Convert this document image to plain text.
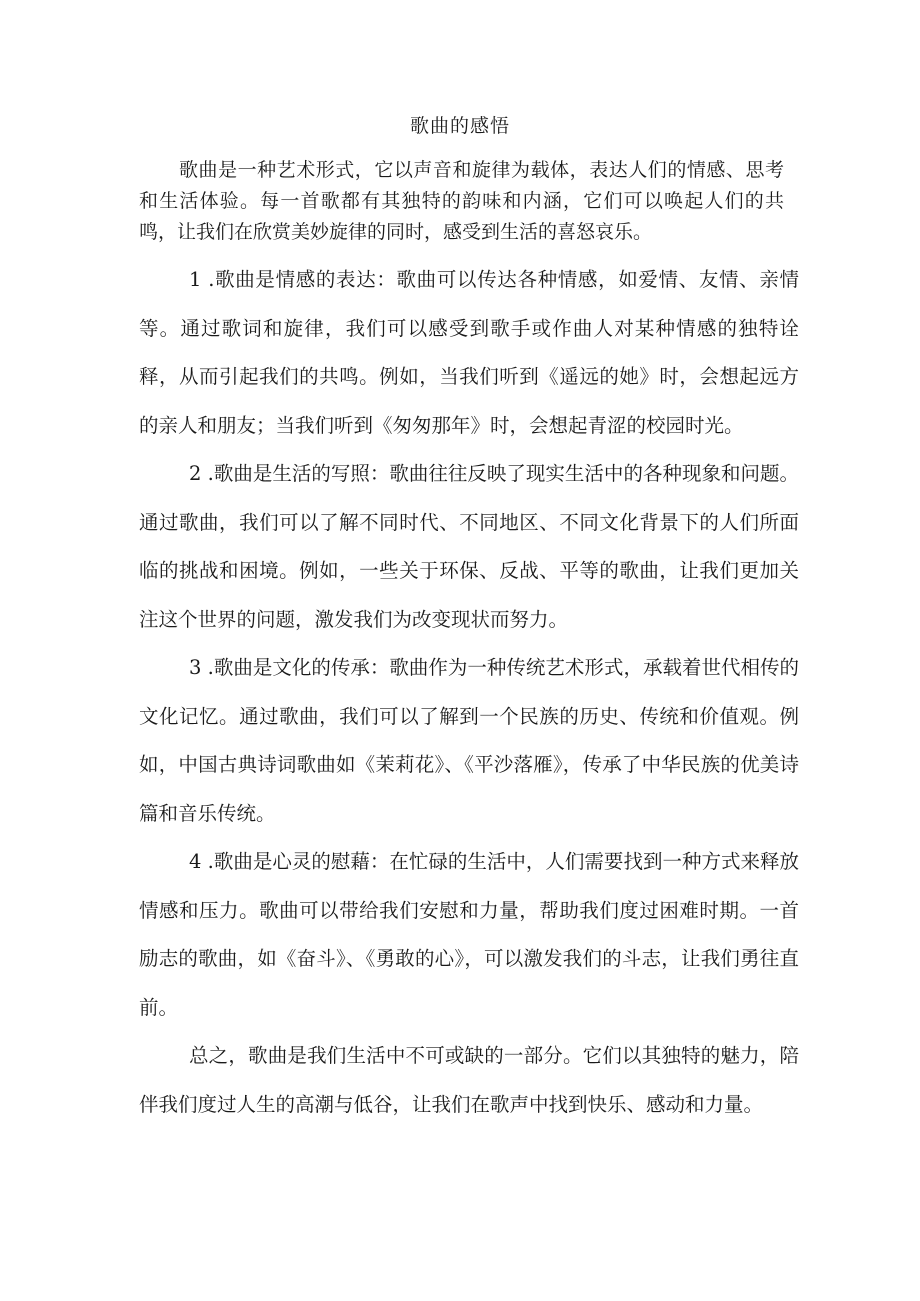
歌曲的感悟

歌曲是一种艺术形式，它以声音和旋律为载体，表达人们的情感、思考和生活体验。每一首歌都有其独特的韵味和内涵，它们可以唤起人们的共鸣，让我们在欣赏美妙旋律的同时，感受到生活的喜怒哀乐。

1 .歌曲是情感的表达：歌曲可以传达各种情感，如爱情、友情、亲情等。通过歌词和旋律，我们可以感受到歌手或作曲人对某种情感的独特诠释，从而引起我们的共鸣。例如，当我们听到《遥远的她》时，会想起远方的亲人和朋友；当我们听到《匆匆那年》时，会想起青涩的校园时光。

2 .歌曲是生活的写照：歌曲往往反映了现实生活中的各种现象和问题。通过歌曲，我们可以了解不同时代、不同地区、不同文化背景下的人们所面临的挑战和困境。例如，一些关于环保、反战、平等的歌曲，让我们更加关注这个世界的问题，激发我们为改变现状而努力。

3 .歌曲是文化的传承：歌曲作为一种传统艺术形式，承载着世代相传的文化记忆。通过歌曲，我们可以了解到一个民族的历史、传统和价值观。例如，中国古典诗词歌曲如《茉莉花》、《平沙落雁》，传承了中华民族的优美诗篇和音乐传统。

4 .歌曲是心灵的慰藉：在忙碌的生活中，人们需要找到一种方式来释放情感和压力。歌曲可以带给我们安慰和力量，帮助我们度过困难时期。一首励志的歌曲，如《奋斗》、《勇敢的心》，可以激发我们的斗志，让我们勇往直前。

总之，歌曲是我们生活中不可或缺的一部分。它们以其独特的魅力，陪伴我们度过人生的高潮与低谷，让我们在歌声中找到快乐、感动和力量。
